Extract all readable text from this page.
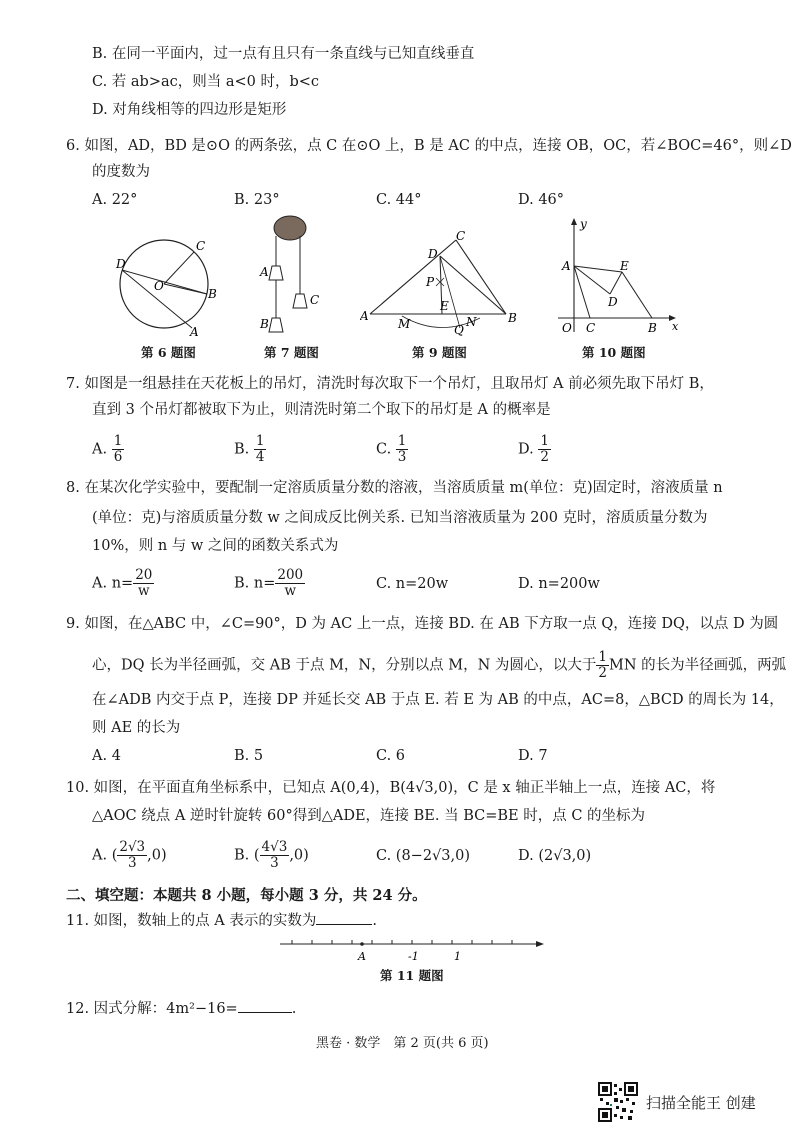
B. 在同一平面内，过一点有且只有一条直线与已知直线垂直
C. 若 ab>ac，则当 a<0 时，b<c
D. 对角线相等的四边形是矩形
6. 如图，AD，BD 是⊙O 的两条弦，点 C 在⊙O 上，B 是 AC 的中点，连接 OB，OC，若∠BOC=46°，则∠D
的度数为
A. 22°	B. 23°	C. 44°	D. 46°
D
C
O
B
A
第 6 题图
A
B
C
第 7 题图
D
C
P
E
A
M	Q
N	B
第 9 题图
y
A	E
D
O C	B x
第 10 题图
7. 如图是一组悬挂在天花板上的吊灯，清洗时每次取下一个吊灯，且取吊灯 A 前必须先取下吊灯 B，
直到 3 个吊灯都被取下为止，则清洗时第二个取下的吊灯是 A 的概率是
A. $\frac{1}{6}$	B. $\frac{1}{4}$	C. $\frac{1}{3}$	D. $\frac{1}{2}$
8. 在某次化学实验中，要配制一定溶质质量分数的溶液，当溶质质量 m(单位：克)固定时，溶液质量 n
(单位：克)与溶质质量分数 w 之间成反比例关系. 已知当溶液质量为 200 克时，溶质质量分数为
10%，则 n 与 w 之间的函数关系式为
A. $n= \frac{20}{w}$	B. $n= \frac{200}{w}$	C. n=20w	D. n=200w
9. 如图，在△ABC 中，∠C=90°，D 为 AC 上一点，连接 BD. 在 AB 下方取一点 Q，连接 DQ，以点 D 为圆
心，DQ 长为半径画弧，交 AB 于点 M，N，分别以点 M，N 为圆心，以大于 $\frac{1}{2}$ MN 的长为半径画弧，两弧
在∠ADB 内交于点 P，连接 DP 并延长交 AB 于点 E. 若 E 为 AB 的中点，AC=8，△BCD 的周长为 14，
则 AE 的长为
A. 4	B. 5	C. 6	D. 7
10. 如图，在平面直角坐标系中，已知点 A(0,4)，B(4√3,0)，C 是 x 轴正半轴上一点，连接 AC，将
△AOC 绕点 A 逆时针旋转 60°得到△ADE，连接 BE. 当 BC=BE 时，点 C 的坐标为
A. ( $\frac{2√3}{3} ,0$)	B. ( $\frac{4√3}{3} ,0$)	C. (8−2√3,0)	D. (2√3,0)
二、填空题：本题共 8 小题，每小题 3 分，共 24 分。
11. 如图，数轴上的点 A 表示的实数为	.
A	-1	1
第 11 题图
12. 因式分解：4m²−16=	.
黑卷 · 数学　第 2 页(共 6 页)
扫描全能王 创建
